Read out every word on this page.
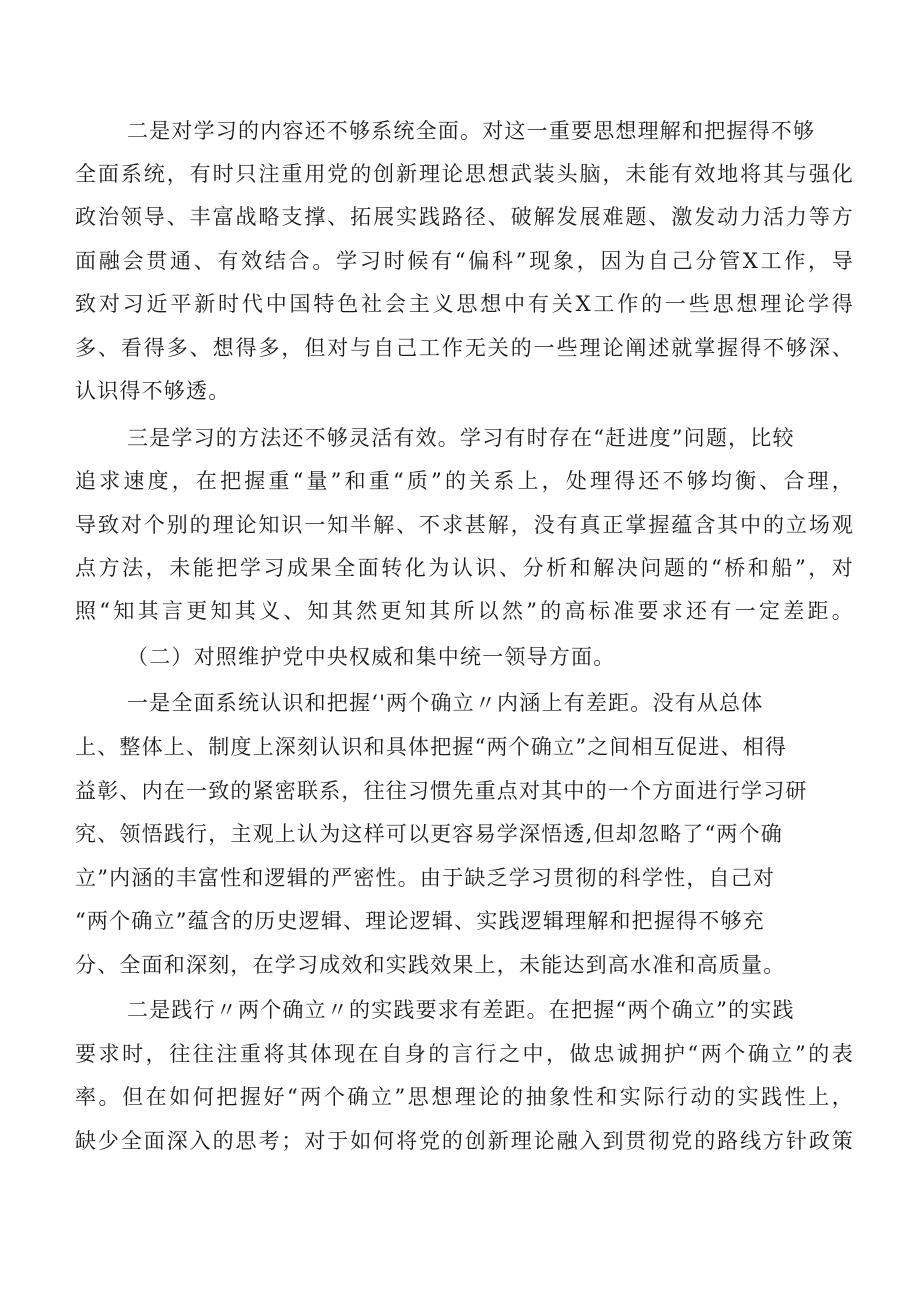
二是对学习的内容还不够系统全面。对这一重要思想理解和把握得不够
全面系统，有时只注重用党的创新理论思想武装头脑，未能有效地将其与强化
政治领导、丰富战略支撑、拓展实践路径、破解发展难题、激发动力活力等方
面融会贯通、有效结合。学习时候有“偏科”现象，因为自己分管X工作，导
致对习近平新时代中国特色社会主义思想中有关X工作的一些思想理论学得
多、看得多、想得多，但对与自己工作无关的一些理论阐述就掌握得不够深、
认识得不够透。
三是学习的方法还不够灵活有效。学习有时存在“赶进度”问题，比较
追求速度，在把握重“量”和重“质”的关系上，处理得还不够均衡、合理，
导致对个别的理论知识一知半解、不求甚解，没有真正掌握蕴含其中的立场观
点方法，未能把学习成果全面转化为认识、分析和解决问题的“桥和船”，对
照“知其言更知其义、知其然更知其所以然”的高标准要求还有一定差距。
（二）对照维护党中央权威和集中统一领导方面。
一是全面系统认识和把握‘'两个确立〃内涵上有差距。没有从总体
上、整体上、制度上深刻认识和具体把握“两个确立”之间相互促进、相得
益彰、内在一致的紧密联系，往往习惯先重点对其中的一个方面进行学习研
究、领悟践行，主观上认为这样可以更容易学深悟透,但却忽略了“两个确
立”内涵的丰富性和逻辑的严密性。由于缺乏学习贯彻的科学性，自己对
“两个确立”蕴含的历史逻辑、理论逻辑、实践逻辑理解和把握得不够充
分、全面和深刻，在学习成效和实践效果上，未能达到高水准和高质量。
二是践行〃两个确立〃的实践要求有差距。在把握“两个确立”的实践
要求时，往往注重将其体现在自身的言行之中，做忠诚拥护“两个确立”的表
率。但在如何把握好“两个确立”思想理论的抽象性和实际行动的实践性上，
缺少全面深入的思考；对于如何将党的创新理论融入到贯彻党的路线方针政策
